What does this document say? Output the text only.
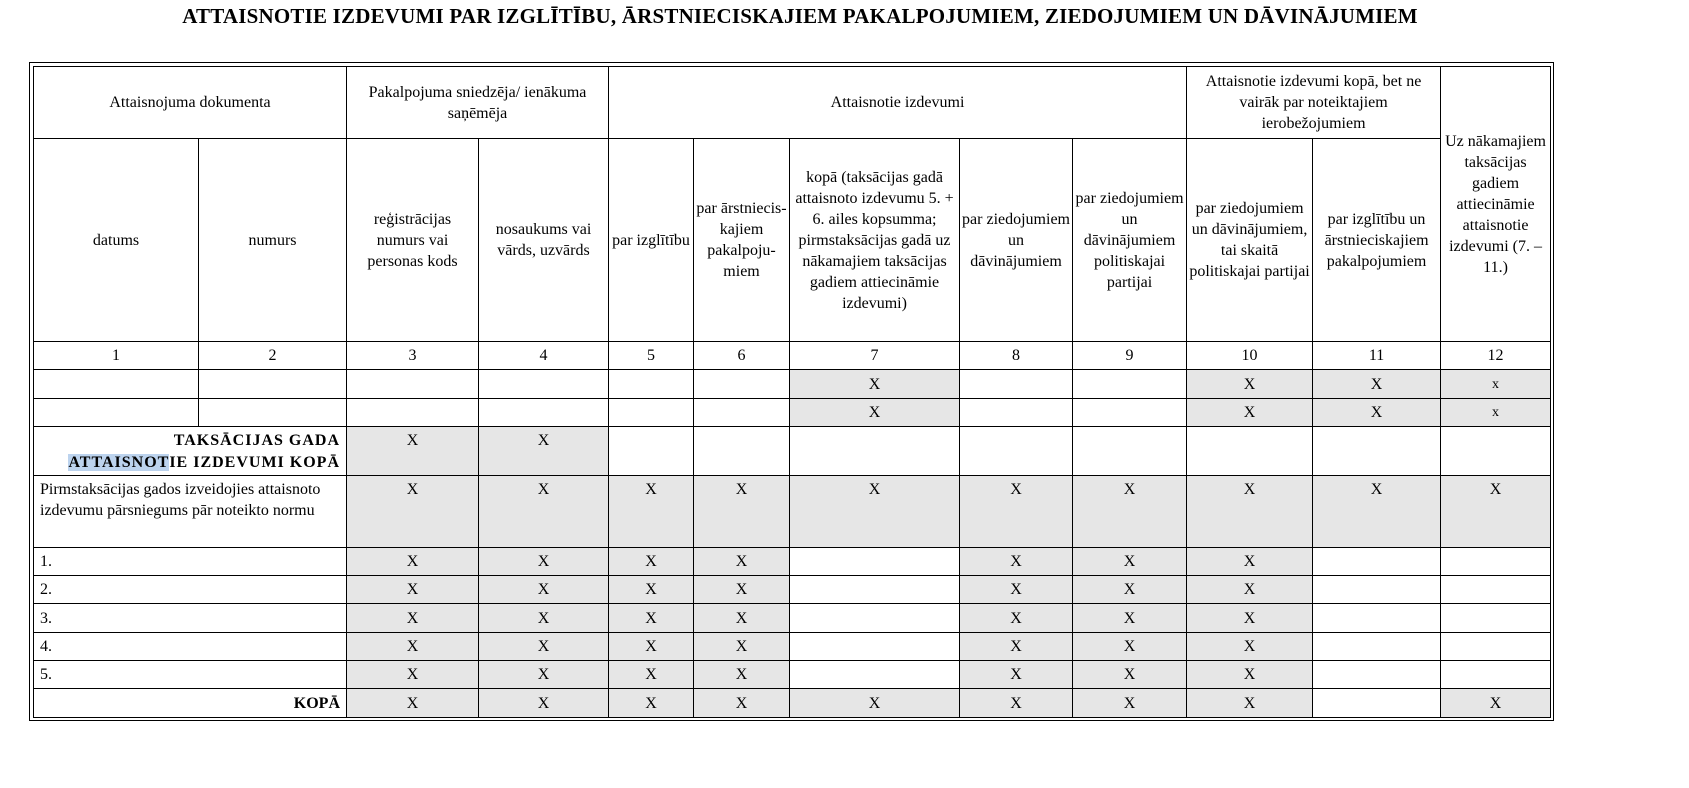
ATTAISNOTIE IZDEVUMI PAR IZGLĪTĪBU, ĀRSTNIECISKAJIEM PAKALPOJUMIEM, ZIEDOJUMIEM UN DĀVINĀJUMIEM
Attaisnojuma dokumenta		Pakalpojuma sniedzēja/ ienākuma saņēmēja		Attaisnotie izdevumi					Attaisnotie izdevumi kopā, bet ne vairāk par noteiktajiem ierobežojumiem		Uz nākamajiem taksācijas gadiem attiecināmie attaisnotie izdevumi (7. – 11.)
datums	numurs	reģistrācijas numurs vai personas kods	nosaukums vai vārds, uzvārds	par izglītību	par ārstniecis-kajiem pakalpoju-miem	kopā (taksācijas gadā attaisnoto izdevumu 5. + 6. ailes kopsumma; pirmstaksācijas gadā uz nākamajiem taksācijas gadiem attiecināmie izdevumi)	par ziedojumiem un dāvinājumiem	par ziedojumiem un dāvinājumiem politiskajai partijai	par ziedojumiem un dāvinājumiem, tai skaitā politiskajai partijai	par izglītību un ārstnieciskajiem pakalpojumiem	
1	2	3	4	5	6	7	8	9	10	11	12
						X			X	X	x
						X			X	X	x
TAKSĀCIJAS GADA
ATTAISNOTIE IZDEVUMI KOPĀ		X	X								
Pirmstaksācijas gados izveidojies attaisnoto izdevumu pārsniegums pār noteikto normu		X	X	X	X	X	X	X	X	X	X
1.		X	X	X	X		X	X	X		
2.		X	X	X	X		X	X	X		
3.		X	X	X	X		X	X	X		
4.		X	X	X	X		X	X	X		
5.		X	X	X	X		X	X	X		
KOPĀ		X	X	X	X	X	X	X	X		X
